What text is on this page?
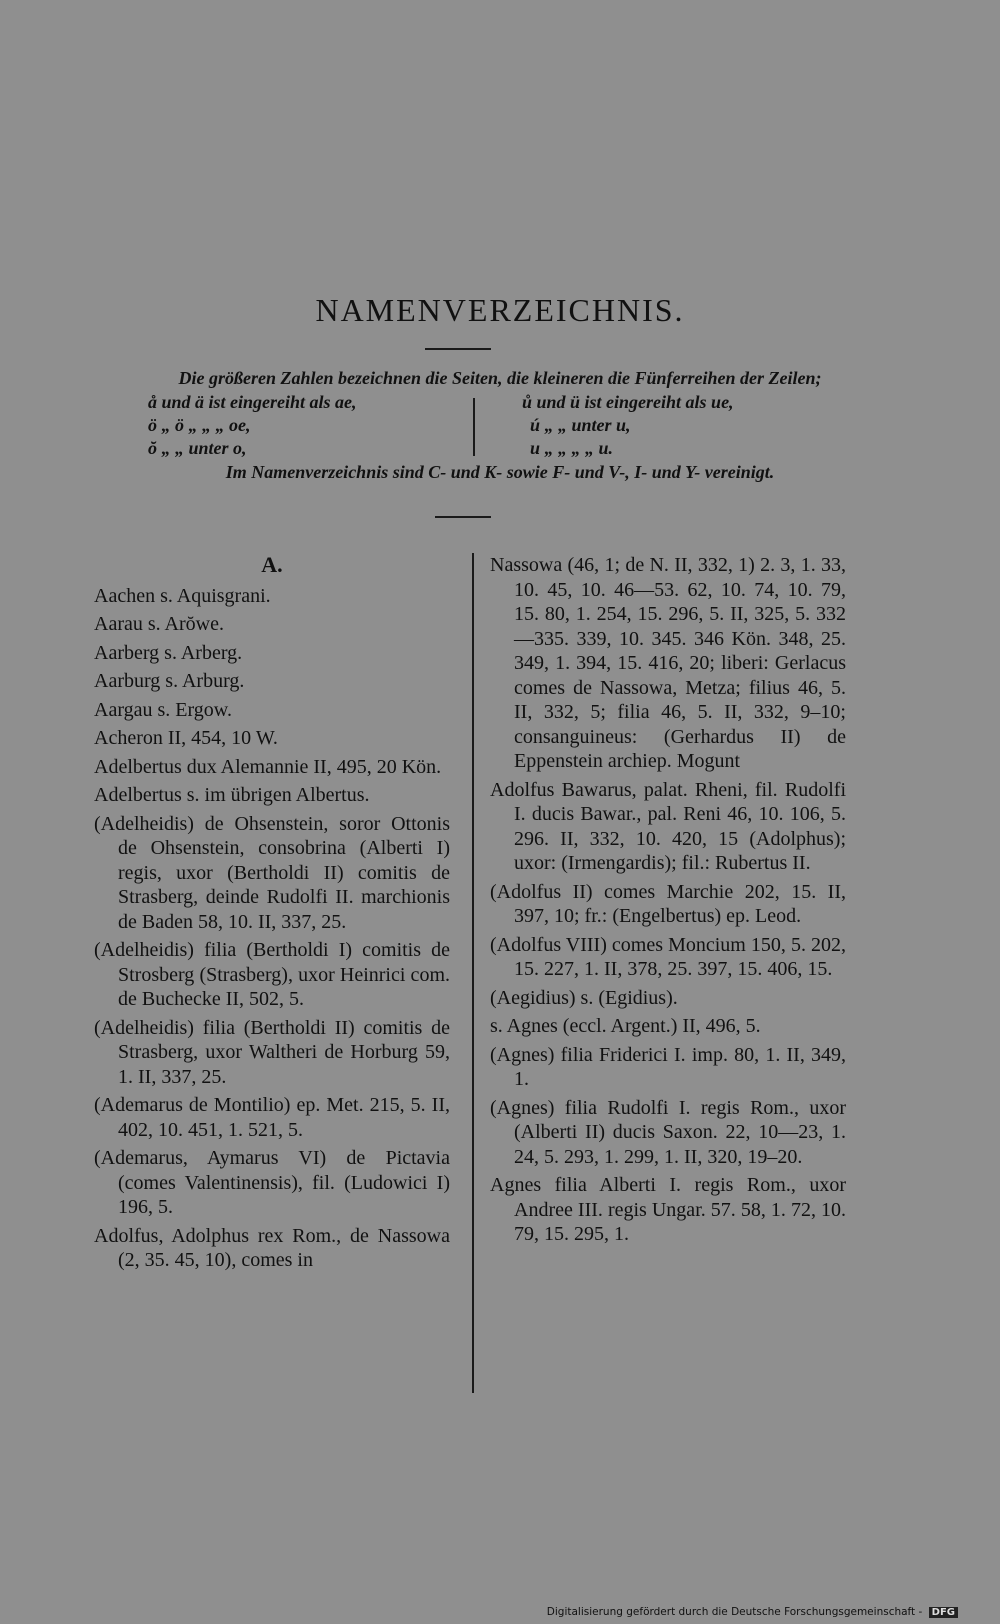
NAMENVERZEICHNIS.
Die größeren Zahlen bezeichnen die Seiten, die kleineren die Fünferreihen der Zeilen;
å und ä ist eingereiht als ae,
ö „ ö „ „ „ oe,
ŏ „ „ unter o,
ů und ü ist eingereiht als ue,
ú „ „ unter u,
u „ „ „ „ u.
Im Namenverzeichnis sind C- und K- sowie F- und V-, I- und Y- vereinigt.
A.
Aachen s. Aquisgrani.
Aarau s. Arŏwe.
Aarberg s. Arberg.
Aarburg s. Arburg.
Aargau s. Ergow.
Acheron II, 454, 10 W.
Adelbertus dux Alemannie II, 495, 20 Kön.
Adelbertus s. im übrigen Albertus.
(Adelheidis) de Ohsenstein, soror Ottonis de Ohsenstein, consobrina (Alberti I) regis, uxor (Bertholdi II) comitis de Strasberg, deinde Rudolfi II. marchionis de Baden 58, 10. II, 337, 25.
(Adelheidis) filia (Bertholdi I) comitis de Strosberg (Strasberg), uxor Heinrici com. de Buchecke II, 502, 5.
(Adelheidis) filia (Bertholdi II) comitis de Strasberg, uxor Waltheri de Horburg 59, 1. II, 337, 25.
(Ademarus de Montilio) ep. Met. 215, 5. II, 402, 10. 451, 1. 521, 5.
(Ademarus, Aymarus VI) de Pictavia (comes Valentinensis), fil. (Ludowici I) 196, 5.
Adolfus, Adolphus rex Rom., de Nassowa (2, 35. 45, 10), comes in
Nassowa (46, 1; de N. II, 332, 1) 2. 3, 1. 33, 10. 45, 10. 46—53. 62, 10. 74, 10. 79, 15. 80, 1. 254, 15. 296, 5. II, 325, 5. 332—335. 339, 10. 345. 346 Kön. 348, 25. 349, 1. 394, 15. 416, 20; liberi: Gerlacus comes de Nassowa, Metza; filius 46, 5. II, 332, 5; filia 46, 5. II, 332, 9–10; consanguineus: (Gerhardus II) de Eppenstein archiep. Mogunt
Adolfus Bawarus, palat. Rheni, fil. Rudolfi I. ducis Bawar., pal. Reni 46, 10. 106, 5. 296. II, 332, 10. 420, 15 (Adolphus); uxor: (Irmengardis); fil.: Rubertus II.
(Adolfus II) comes Marchie 202, 15. II, 397, 10; fr.: (Engelbertus) ep. Leod.
(Adolfus VIII) comes Moncium 150, 5. 202, 15. 227, 1. II, 378, 25. 397, 15. 406, 15.
(Aegidius) s. (Egidius).
s. Agnes (eccl. Argent.) II, 496, 5.
(Agnes) filia Friderici I. imp. 80, 1. II, 349, 1.
(Agnes) filia Rudolfi I. regis Rom., uxor (Alberti II) ducis Saxon. 22, 10—23, 1. 24, 5. 293, 1. 299, 1. II, 320, 19–20.
Agnes filia Alberti I. regis Rom., uxor Andree III. regis Ungar. 57. 58, 1. 72, 10. 79, 15. 295, 1.
Digitalisierung gefördert durch die Deutsche Forschungsgemeinschaft - DFG
